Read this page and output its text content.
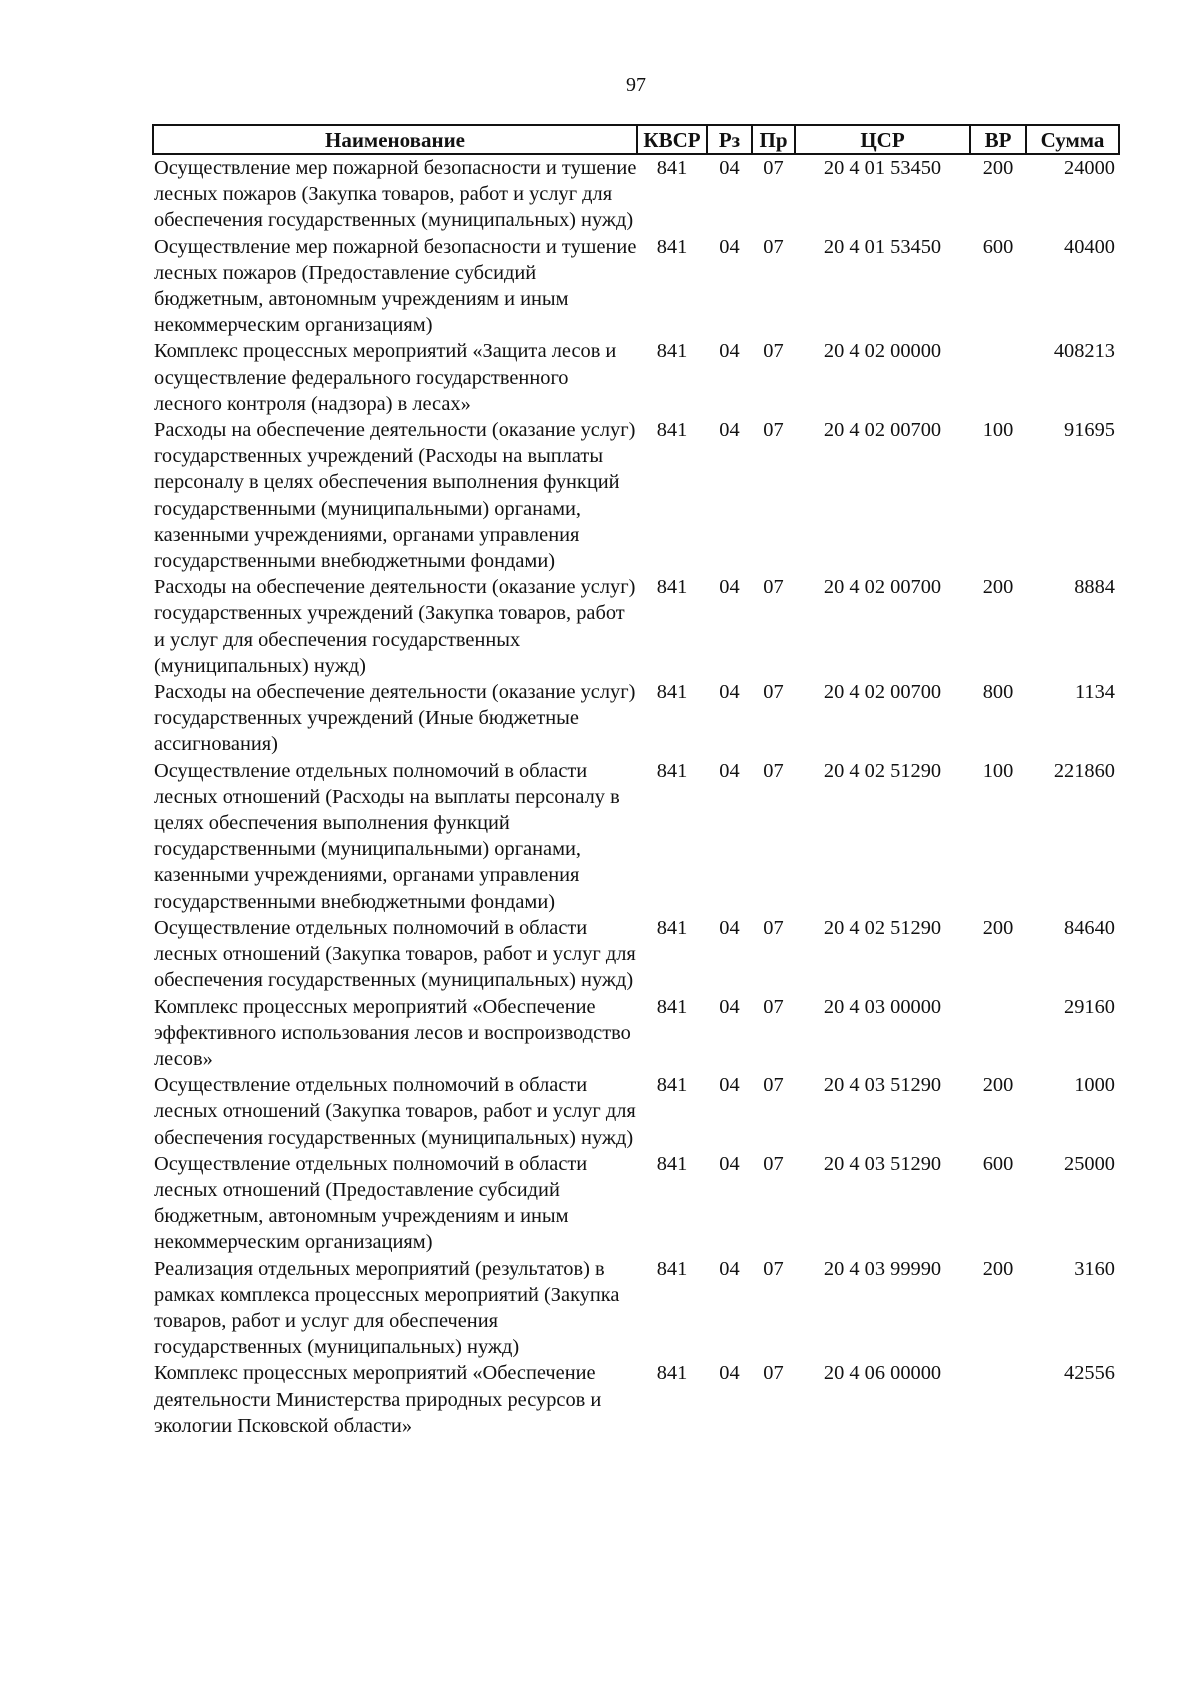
97
Наименование	КВСР	Рз	Пр	ЦСР	ВР	Сумма
Осуществление мер пожарной безопасности и тушение лесных пожаров (Закупка товаров, работ и услуг для обеспечения государственных (муниципальных) нужд)	841	04	07	20 4 01 53450	200	24000
Осуществление мер пожарной безопасности и тушение лесных пожаров (Предоставление субсидий бюджетным, автономным учреждениям и иным некоммерческим организациям)	841	04	07	20 4 01 53450	600	40400
Комплекс процессных мероприятий «Защита лесов и осуществление федерального государственного лесного контроля (надзора) в лесах»	841	04	07	20 4 02 00000		408213
Расходы на обеспечение деятельности (оказание услуг) государственных учреждений (Расходы на выплаты персоналу в целях обеспечения выполнения функций государственными (муниципальными) органами, казенными учреждениями, органами управления государственными внебюджетными фондами)	841	04	07	20 4 02 00700	100	91695
Расходы на обеспечение деятельности (оказание услуг) государственных учреждений (Закупка товаров, работ и услуг для обеспечения государственных (муниципальных) нужд)	841	04	07	20 4 02 00700	200	8884
Расходы на обеспечение деятельности (оказание услуг) государственных учреждений (Иные бюджетные ассигнования)	841	04	07	20 4 02 00700	800	1134
Осуществление отдельных полномочий в области лесных отношений (Расходы на выплаты персоналу в целях обеспечения выполнения функций государственными (муниципальными) органами, казенными учреждениями, органами управления государственными внебюджетными фондами)	841	04	07	20 4 02 51290	100	221860
Осуществление отдельных полномочий в области лесных отношений (Закупка товаров, работ и услуг для обеспечения государственных (муниципальных) нужд)	841	04	07	20 4 02 51290	200	84640
Комплекс процессных мероприятий «Обеспечение эффективного использования лесов и воспроизводство лесов»	841	04	07	20 4 03 00000		29160
Осуществление отдельных полномочий в области лесных отношений (Закупка товаров, работ и услуг для обеспечения государственных (муниципальных) нужд)	841	04	07	20 4 03 51290	200	1000
Осуществление отдельных полномочий в области лесных отношений (Предоставление субсидий бюджетным, автономным учреждениям и иным некоммерческим организациям)	841	04	07	20 4 03 51290	600	25000
Реализация отдельных мероприятий (результатов) в рамках комплекса процессных мероприятий (Закупка товаров, работ и услуг для обеспечения государственных (муниципальных) нужд)	841	04	07	20 4 03 99990	200	3160
Комплекс процессных мероприятий «Обеспечение деятельности Министерства природных ресурсов и экологии Псковской области»	841	04	07	20 4 06 00000		42556
